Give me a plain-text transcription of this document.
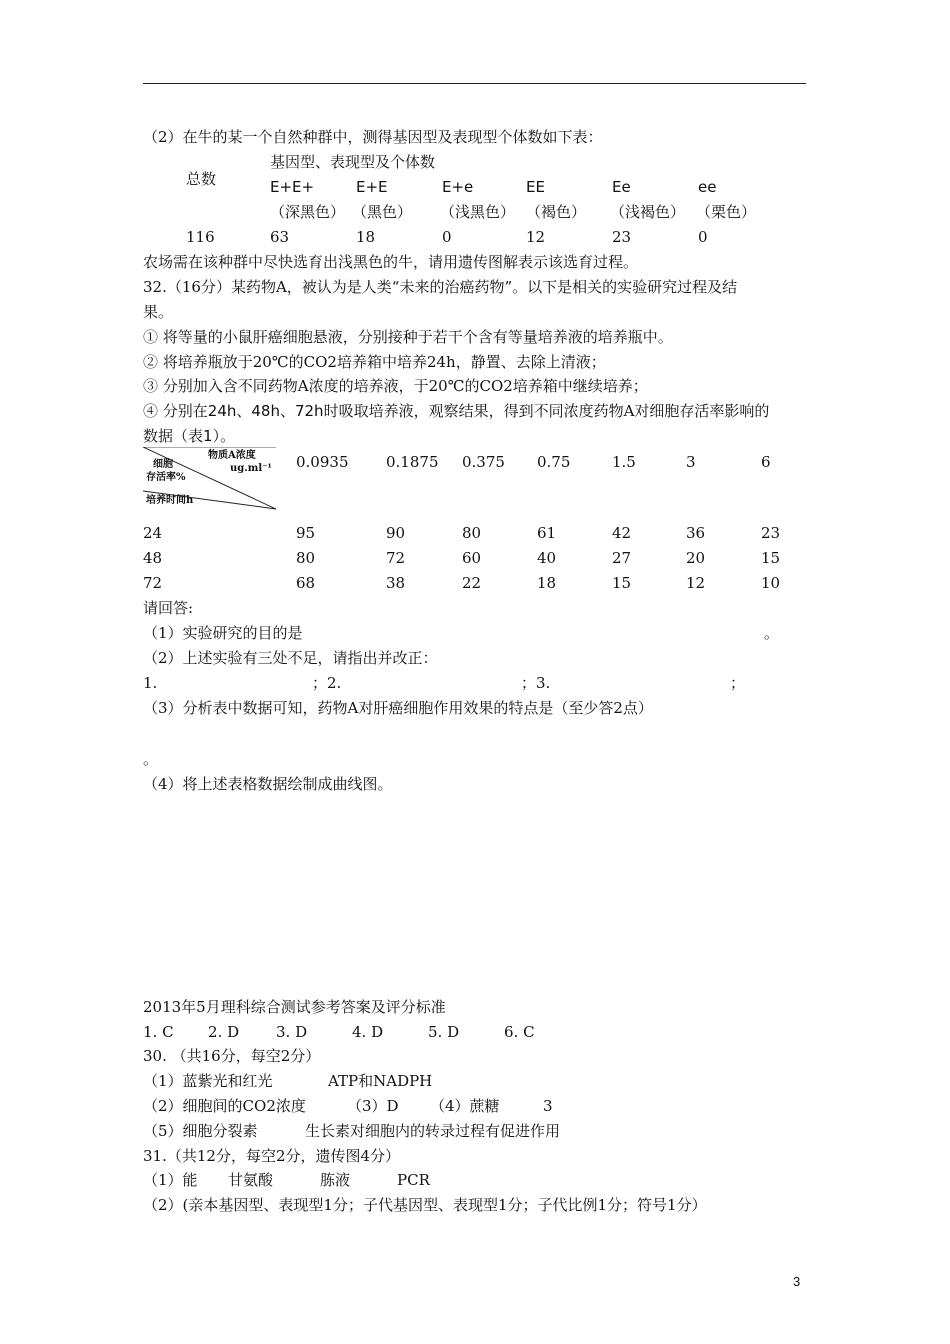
（2）在牛的某一个自然种群中，测得基因型及表现型个体数如下表：
总数
基因型、表现型及个体数
E+E+	E+E	E+e	EE	Ee	ee
（深黑色） （黑色） （浅黑色） （褐色） （浅褐色） （栗色）
116	63	18	0	12	23	0
农场需在该种群中尽快选育出浅黑色的牛，请用遗传图解表示该选育过程。
32.（16分）某药物A，被认为是人类“未来的治癌药物”。以下是相关的实验研究过程及结
果。
① 将等量的小鼠肝癌细胞悬液，分别接种于若干个含有等量培养液的培养瓶中。
② 将培养瓶放于20℃的CO2培养箱中培养24h，静置、去除上清液；
③ 分别加入含不同药物A浓度的培养液，于20℃的CO2培养箱中继续培养；
④ 分别在24h、48h、72h时吸取培养液，观察结果，得到不同浓度药物A对细胞存活率影响的
数据（表1）。
物质A浓度
ug.ml⁻¹
细胞
存活率%
培养时间h
0.0935	0.1875 0.375 0.75	1.5	3	6
24	95	90	80	61	42	36	23
48	80	72	60	40	27	20	15
72	68	38	22	18	15	12	10
请回答:
（1）实验研究的目的是	。
（2）上述实验有三处不足，请指出并改正：
1.	；2.	；3.	；
（3）分析表中数据可知，药物A对肝癌细胞作用效果的特点是（至少答2点）
。
（4）将上述表格数据绘制成曲线图。
2013年5月理科综合测试参考答案及评分标准
1. C 2. D 3. D	4. D	5. D	6. C
30. （共16分，每空2分）
（1）蓝紫光和红光	ATP和NADPH
（2）细胞间的CO2浓度	（3）D （4）蔗糖	3
（5）细胞分裂素	生长素对细胞内的转录过程有促进作用
31.（共12分，每空2分，遗传图4分）
（1）能 甘氨酸	胨液	PCR
（2）(亲本基因型、表现型1分；子代基因型、表现型1分；子代比例1分；符号1分）
3
